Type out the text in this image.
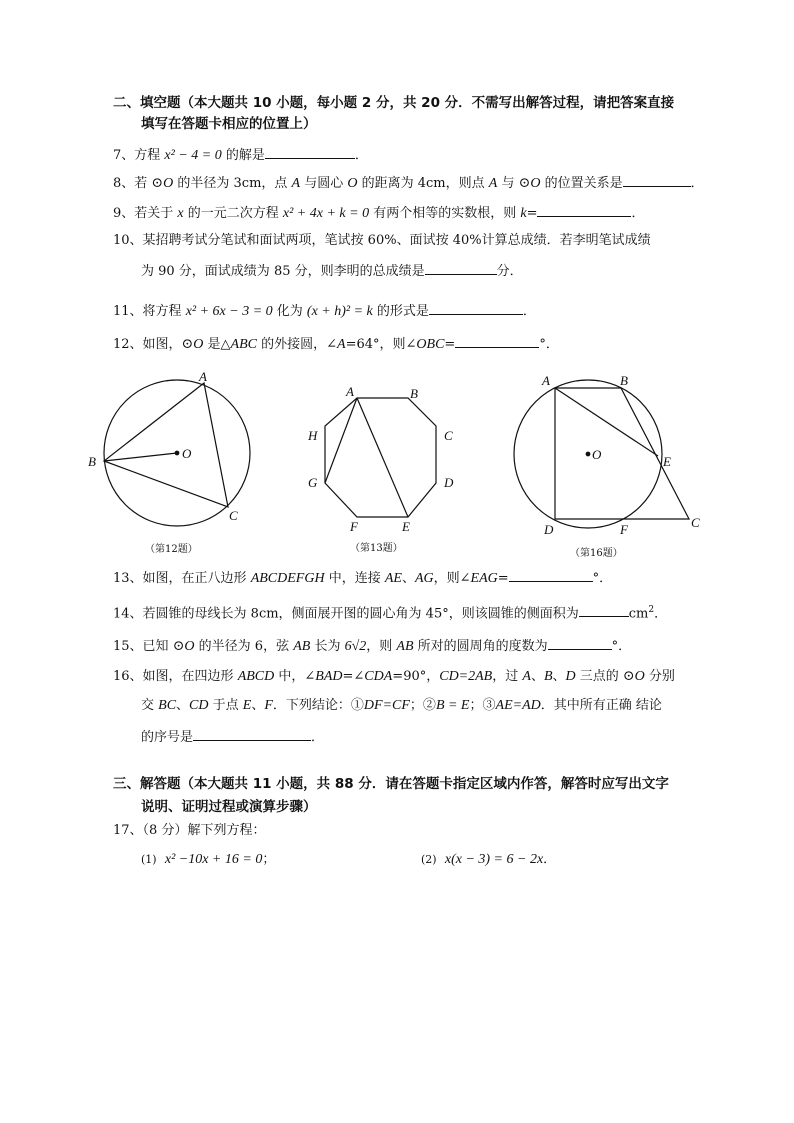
二、填空题（本大题共 10 小题，每小题 2 分，共 20 分．不需写出解答过程，请把答案直接
填写在答题卡相应的位置上）
7、方程 x² − 4 = 0 的解是	．
8、若 ⊙O 的半径为 3cm，点 A 与圆心 O 的距离为 4cm，则点 A 与 ⊙O 的位置关系是	．
9、若关于 x 的一元二次方程 x² + 4x + k = 0 有两个相等的实数根，则 k=	．
10、某招聘考试分笔试和面试两项，笔试按 60%、面试按 40%计算总成绩．若李明笔试成绩
为 90 分，面试成绩为 85 分，则李明的总成绩是	分．
11、将方程 x² + 6x − 3 = 0 化为 (x + h)² = k 的形式是	．
12、如图，⊙O 是△ABC 的外接圆，∠A=64°，则∠OBC=	°．
A
B
C
O
A	B
C
D
E
F
G
H
A	B
C
D
E
F
O
（第12题）	（第13题）	（第16题）
13、如图，在正八边形 ABCDEFGH 中，连接 AE、AG，则∠EAG=	°．
14、若圆锥的母线长为 8cm，侧面展开图的圆心角为 45°，则该圆锥的侧面积为	$cm^2$．
15、已知 ⊙O 的半径为 6，弦 AB 长为 6√2，则 AB 所对的圆周角的度数为	°．
16、如图，在四边形 ABCD 中，∠BAD=∠CDA=90°，CD=2AB，过 A、B、D 三点的 ⊙O 分别
交 BC、CD 于点 E、F．下列结论：①DF=CF；②B = E；③AE=AD．其中所有正确 结论
的序号是	．
三、解答题（本大题共 11 小题，共 88 分．请在答题卡指定区域内作答，解答时应写出文字
说明、证明过程或演算步骤）
17、（8 分）解下列方程：
(1) x² −10x + 16 = 0；	(2) x(x − 3) = 6 − 2x．
